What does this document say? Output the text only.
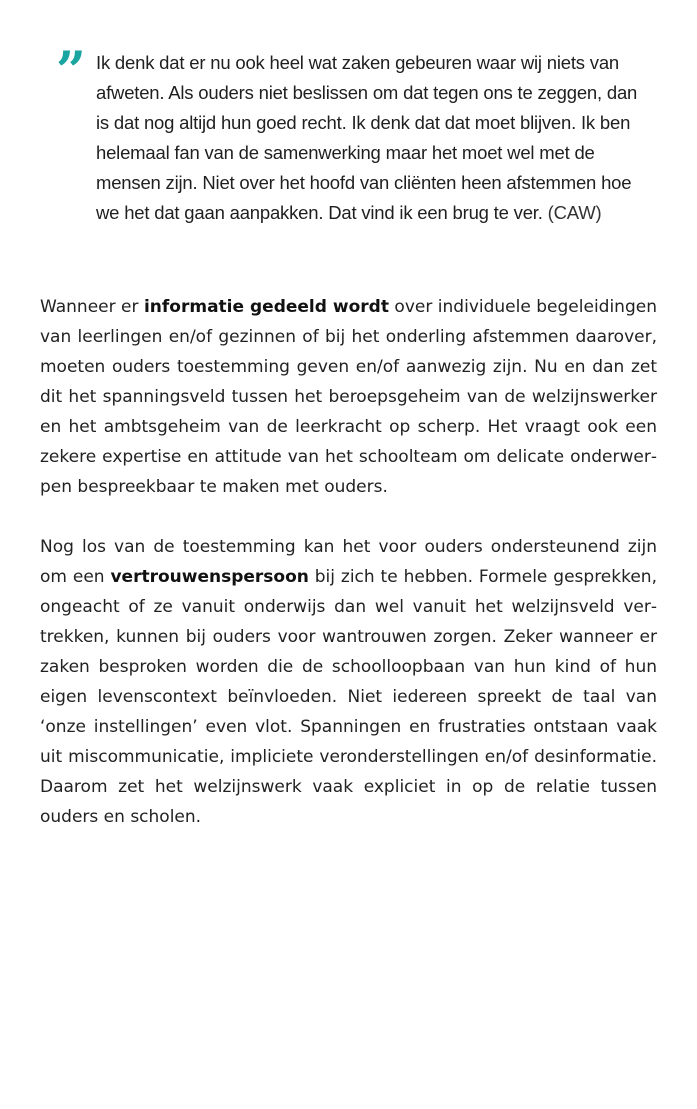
” Ik denk dat er nu ook heel wat zaken gebeuren waar wij niets van afweten. Als ouders niet beslissen om dat tegen ons te zeggen, dan is dat nog altijd hun goed recht. Ik denk dat dat moet blijven. Ik ben helemaal fan van de samenwerking maar het moet wel met de mensen zijn. Niet over het hoofd van cliënten heen afstemmen hoe we het dat gaan aanpakken. Dat vind ik een brug te ver. (CAW)

Wanneer er informatie gedeeld wordt over individuele begeleidingen van leerlingen en/of gezinnen of bij het onderling afstemmen daarover, moeten ouders toestemming geven en/of aanwezig zijn. Nu en dan zet dit het spanningsveld tussen het beroepsgeheim van de welzijnswerker en het ambtsgeheim van de leerkracht op scherp. Het vraagt ook een zekere expertise en attitude van het schoolteam om delicate onderwerpen bespreekbaar te maken met ouders.

Nog los van de toestemming kan het voor ouders ondersteunend zijn om een vertrouwenspersoon bij zich te hebben. Formele gesprekken, ongeacht of ze vanuit onderwijs dan wel vanuit het welzijnsveld vertrekken, kunnen bij ouders voor wantrouwen zorgen. Zeker wanneer er zaken besproken worden die de schoolloopbaan van hun kind of hun eigen levenscontext beïnvloeden. Niet iedereen spreekt de taal van ‘onze instellingen’ even vlot. Spanningen en frustraties ontstaan vaak uit miscommunicatie, impliciete veronderstellingen en/of desinformatie. Daarom zet het welzijnswerk vaak expliciet in op de relatie tussen ouders en scholen.
